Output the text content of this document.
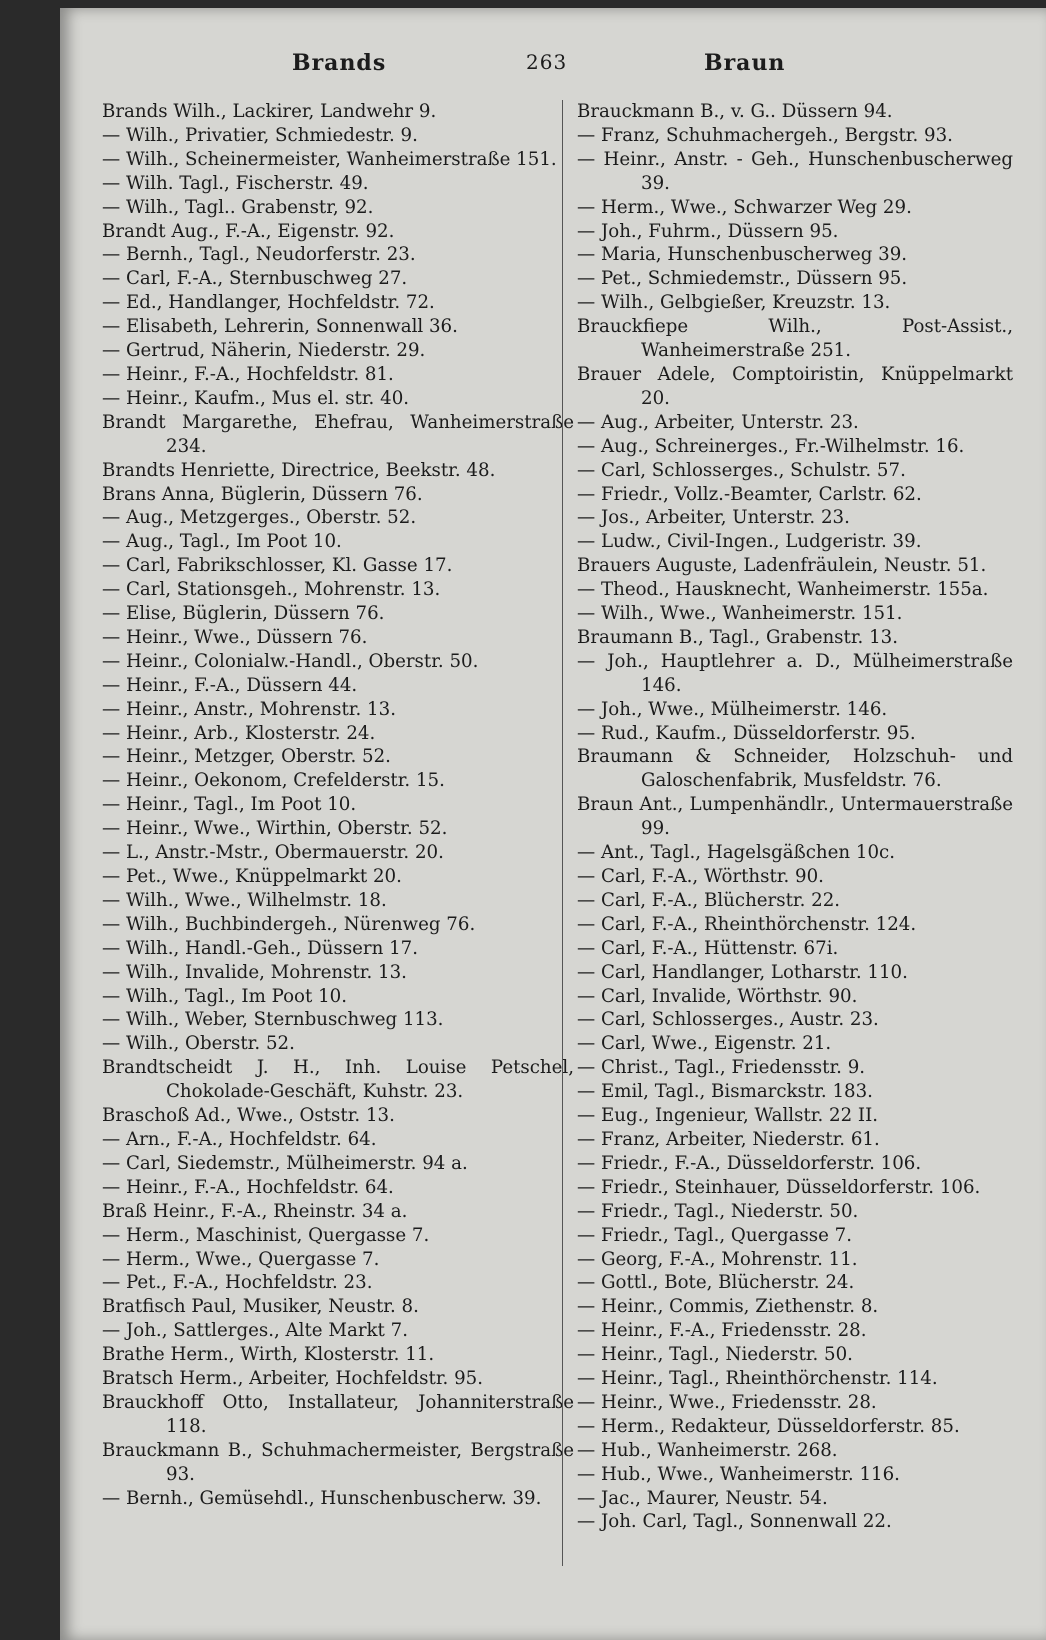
Brands	263	Braun
Brands Wilh., Lackirer, Landwehr 9.
— Wilh., Privatier, Schmiedestr. 9.
— Wilh., Scheinermeister, Wanheimerstraße 151.
— Wilh. Tagl., Fischerstr. 49.
— Wilh., Tagl.. Grabenstr, 92.
Brandt Aug., F.-A., Eigenstr. 92.
— Bernh., Tagl., Neudorferstr. 23.
— Carl, F.-A., Sternbuschweg 27.
— Ed., Handlanger, Hochfeldstr. 72.
— Elisabeth, Lehrerin, Sonnenwall 36.
— Gertrud, Näherin, Niederstr. 29.
— Heinr., F.-A., Hochfeldstr. 81.
— Heinr., Kaufm., Mus el. str. 40.
Brandt Margarethe, Ehefrau, Wanheimerstraße 234.
Brandts Henriette, Directrice, Beekstr. 48.
Brans Anna, Büglerin, Düssern 76.
— Aug., Metzgerges., Oberstr. 52.
— Aug., Tagl., Im Poot 10.
— Carl, Fabrikschlosser, Kl. Gasse 17.
— Carl, Stationsgeh., Mohrenstr. 13.
— Elise, Büglerin, Düssern 76.
— Heinr., Wwe., Düssern 76.
— Heinr., Colonialw.-Handl., Oberstr. 50.
— Heinr., F.-A., Düssern 44.
— Heinr., Anstr., Mohrenstr. 13.
— Heinr., Arb., Klosterstr. 24.
— Heinr., Metzger, Oberstr. 52.
— Heinr., Oekonom, Crefelderstr. 15.
— Heinr., Tagl., Im Poot 10.
— Heinr., Wwe., Wirthin, Oberstr. 52.
— L., Anstr.-Mstr., Obermauerstr. 20.
— Pet., Wwe., Knüppelmarkt 20.
— Wilh., Wwe., Wilhelmstr. 18.
— Wilh., Buchbindergeh., Nürenweg 76.
— Wilh., Handl.-Geh., Düssern 17.
— Wilh., Invalide, Mohrenstr. 13.
— Wilh., Tagl., Im Poot 10.
— Wilh., Weber, Sternbuschweg 113.
— Wilh., Oberstr. 52.
Brandtscheidt J. H., Inh. Louise Petschel, Chokolade-Geschäft, Kuhstr. 23.
Braschoß Ad., Wwe., Oststr. 13.
— Arn., F.-A., Hochfeldstr. 64.
— Carl, Siedemstr., Mülheimerstr. 94 a.
— Heinr., F.-A., Hochfeldstr. 64.
Braß Heinr., F.-A., Rheinstr. 34 a.
— Herm., Maschinist, Quergasse 7.
— Herm., Wwe., Quergasse 7.
— Pet., F.-A., Hochfeldstr. 23.
Bratfisch Paul, Musiker, Neustr. 8.
— Joh., Sattlerges., Alte Markt 7.
Brathe Herm., Wirth, Klosterstr. 11.
Bratsch Herm., Arbeiter, Hochfeldstr. 95.
Brauckhoff Otto, Installateur, Johanniterstraße 118.
Brauckmann B., Schuhmachermeister, Bergstraße 93.
— Bernh., Gemüsehdl., Hunschenbuscherw. 39.
Brauckmann B., v. G.. Düssern 94.
— Franz, Schuhmachergeh., Bergstr. 93.
— Heinr., Anstr. - Geh., Hunschenbuscherweg 39.
— Herm., Wwe., Schwarzer Weg 29.
— Joh., Fuhrm., Düssern 95.
— Maria, Hunschenbuscherweg 39.
— Pet., Schmiedemstr., Düssern 95.
— Wilh., Gelbgießer, Kreuzstr. 13.
Brauckfiepe Wilh., Post-Assist., Wanheimerstraße 251.
Brauer Adele, Comptoiristin, Knüppelmarkt 20.
— Aug., Arbeiter, Unterstr. 23.
— Aug., Schreinerges., Fr.-Wilhelmstr. 16.
— Carl, Schlosserges., Schulstr. 57.
— Friedr., Vollz.-Beamter, Carlstr. 62.
— Jos., Arbeiter, Unterstr. 23.
— Ludw., Civil-Ingen., Ludgeristr. 39.
Brauers Auguste, Ladenfräulein, Neustr. 51.
— Theod., Hausknecht, Wanheimerstr. 155a.
— Wilh., Wwe., Wanheimerstr. 151.
Braumann B., Tagl., Grabenstr. 13.
— Joh., Hauptlehrer a. D., Mülheimerstraße 146.
— Joh., Wwe., Mülheimerstr. 146.
— Rud., Kaufm., Düsseldorferstr. 95.
Braumann & Schneider, Holzschuh- und Galoschenfabrik, Musfeldstr. 76.
Braun Ant., Lumpenhändlr., Untermauerstraße 99.
— Ant., Tagl., Hagelsgäßchen 10c.
— Carl, F.-A., Wörthstr. 90.
— Carl, F.-A., Blücherstr. 22.
— Carl, F.-A., Rheinthörchenstr. 124.
— Carl, F.-A., Hüttenstr. 67i.
— Carl, Handlanger, Lotharstr. 110.
— Carl, Invalide, Wörthstr. 90.
— Carl, Schlosserges., Austr. 23.
— Carl, Wwe., Eigenstr. 21.
— Christ., Tagl., Friedensstr. 9.
— Emil, Tagl., Bismarckstr. 183.
— Eug., Ingenieur, Wallstr. 22 II.
— Franz, Arbeiter, Niederstr. 61.
— Friedr., F.-A., Düsseldorferstr. 106.
— Friedr., Steinhauer, Düsseldorferstr. 106.
— Friedr., Tagl., Niederstr. 50.
— Friedr., Tagl., Quergasse 7.
— Georg, F.-A., Mohrenstr. 11.
— Gottl., Bote, Blücherstr. 24.
— Heinr., Commis, Ziethenstr. 8.
— Heinr., F.-A., Friedensstr. 28.
— Heinr., Tagl., Niederstr. 50.
— Heinr., Tagl., Rheinthörchenstr. 114.
— Heinr., Wwe., Friedensstr. 28.
— Herm., Redakteur, Düsseldorferstr. 85.
— Hub., Wanheimerstr. 268.
— Hub., Wwe., Wanheimerstr. 116.
— Jac., Maurer, Neustr. 54.
— Joh. Carl, Tagl., Sonnenwall 22.
